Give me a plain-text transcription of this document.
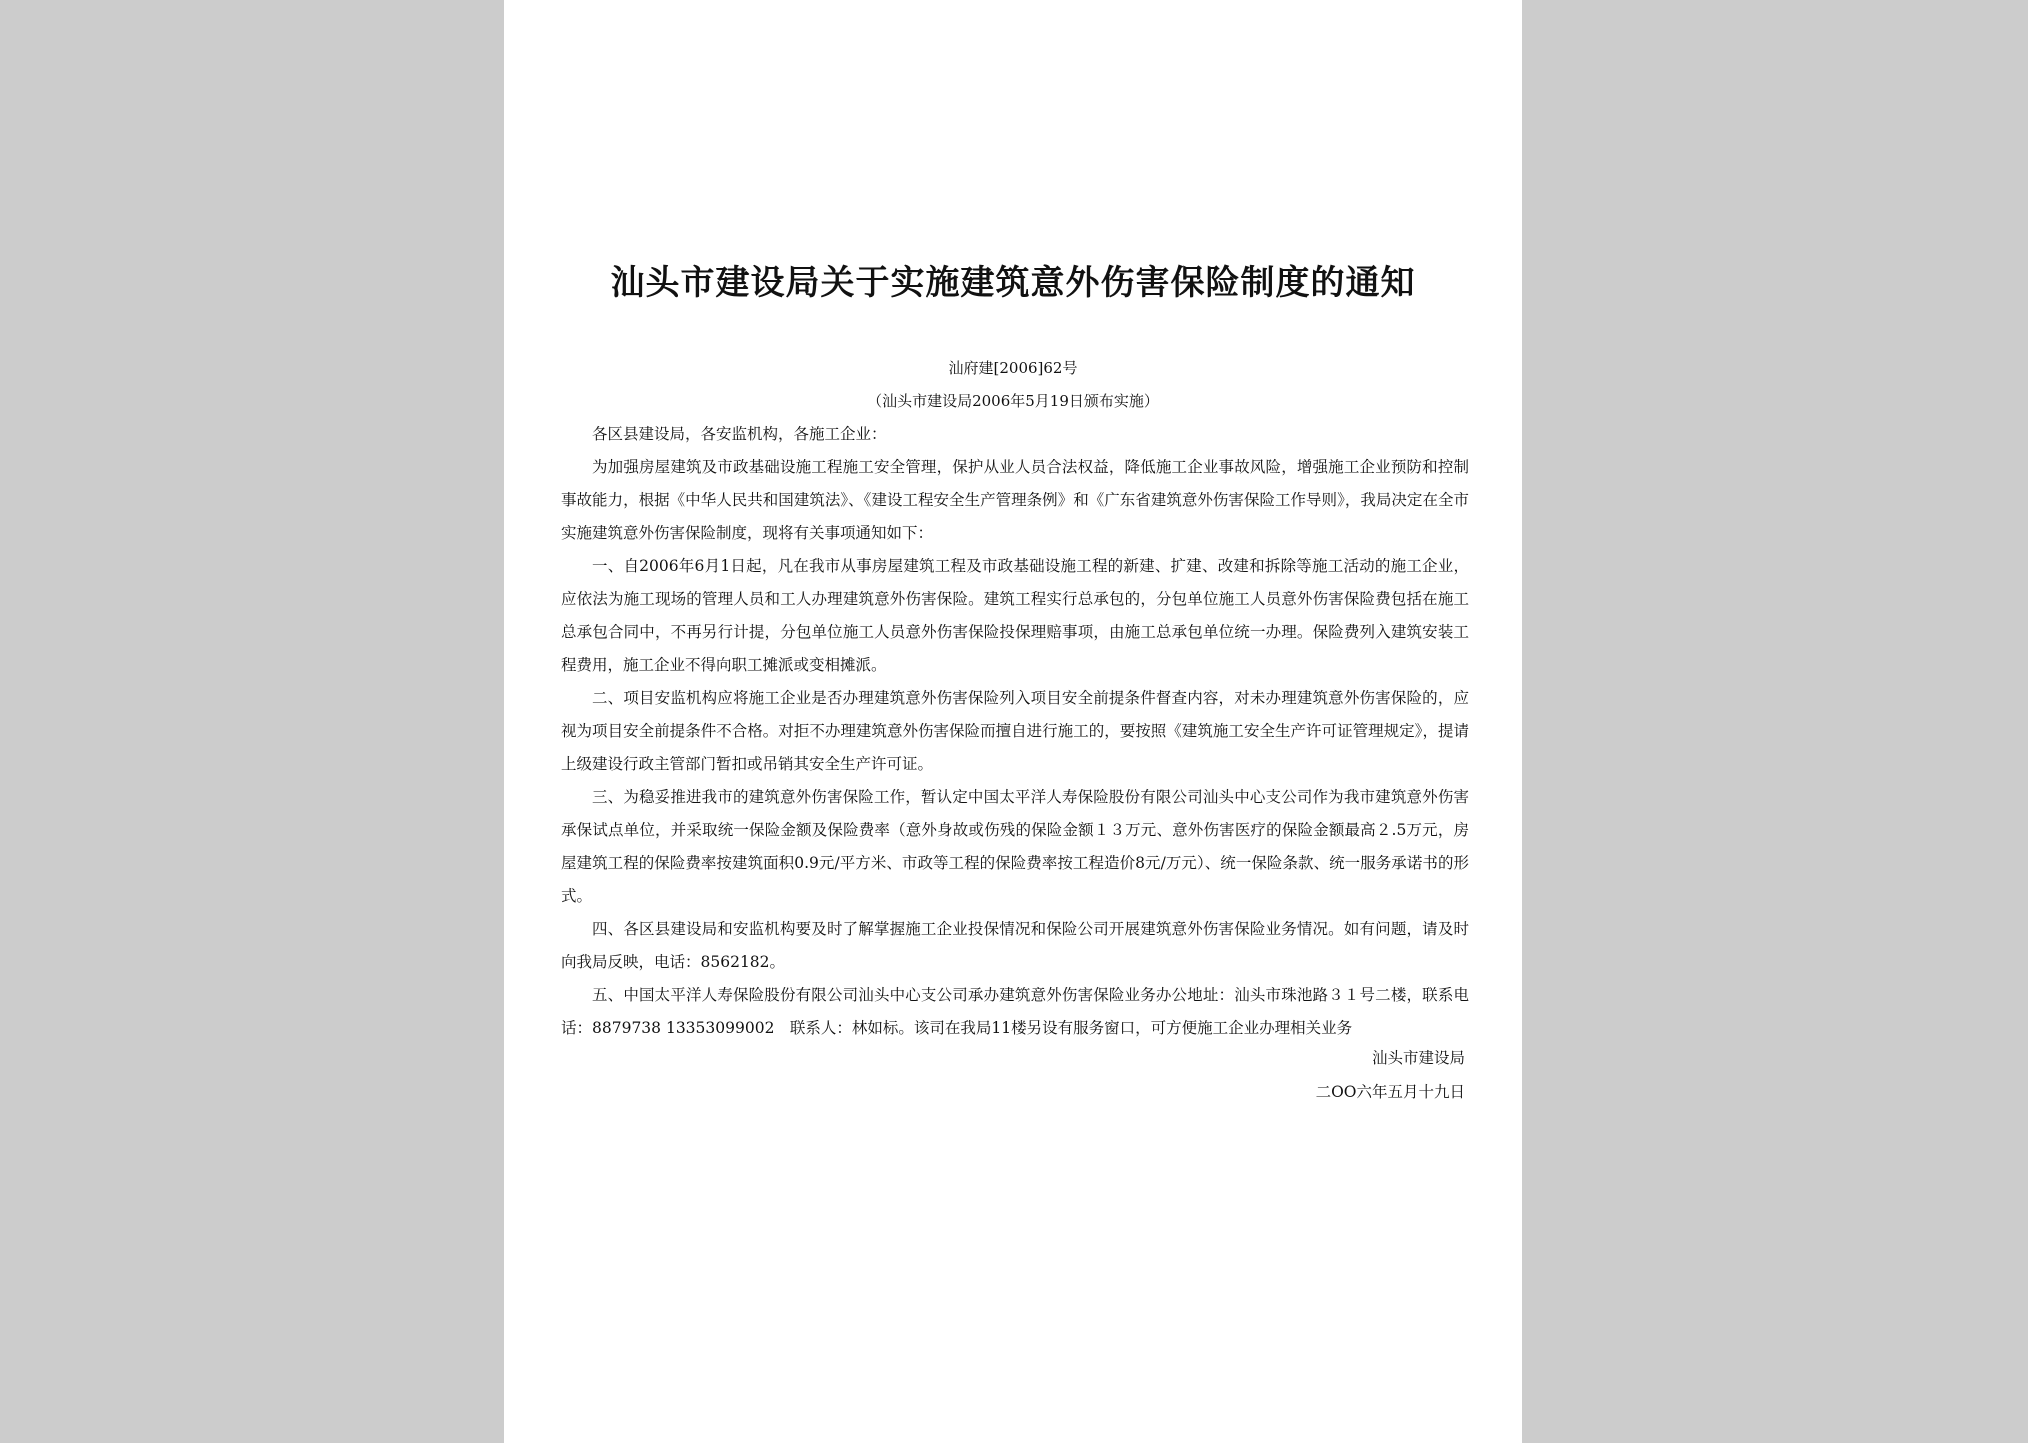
汕头市建设局关于实施建筑意外伤害保险制度的通知
汕府建[2006]62号
（汕头市建设局2006年5月19日颁布实施）

各区县建设局，各安监机构，各施工企业：

为加强房屋建筑及市政基础设施工程施工安全管理，保护从业人员合法权益，降低施工企业事故风险，增强施工企业预防和控制事故能力，根据《中华人民共和国建筑法》、《建设工程安全生产管理条例》和《广东省建筑意外伤害保险工作导则》，我局决定在全市实施建筑意外伤害保险制度，现将有关事项通知如下：

一、自2006年6月1日起，凡在我市从事房屋建筑工程及市政基础设施工程的新建、扩建、改建和拆除等施工活动的施工企业，应依法为施工现场的管理人员和工人办理建筑意外伤害保险。建筑工程实行总承包的，分包单位施工人员意外伤害保险费包括在施工总承包合同中，不再另行计提，分包单位施工人员意外伤害保险投保理赔事项，由施工总承包单位统一办理。保险费列入建筑安装工程费用，施工企业不得向职工摊派或变相摊派。

二、项目安监机构应将施工企业是否办理建筑意外伤害保险列入项目安全前提条件督查内容，对未办理建筑意外伤害保险的，应视为项目安全前提条件不合格。对拒不办理建筑意外伤害保险而擅自进行施工的，要按照《建筑施工安全生产许可证管理规定》，提请上级建设行政主管部门暂扣或吊销其安全生产许可证。

三、为稳妥推进我市的建筑意外伤害保险工作，暂认定中国太平洋人寿保险股份有限公司汕头中心支公司作为我市建筑意外伤害承保试点单位，并采取统一保险金额及保险费率（意外身故或伤残的保险金额１３万元、意外伤害医疗的保险金额最高２.5万元，房屋建筑工程的保险费率按建筑面积0.9元/平方米、市政等工程的保险费率按工程造价8元/万元）、统一保险条款、统一服务承诺书的形式。

四、各区县建设局和安监机构要及时了解掌握施工企业投保情况和保险公司开展建筑意外伤害保险业务情况。如有问题，请及时向我局反映，电话：8562182。

五、中国太平洋人寿保险股份有限公司汕头中心支公司承办建筑意外伤害保险业务办公地址：汕头市珠池路３１号二楼，联系电话：8879738 13353099002　联系人：林如标。该司在我局11楼另设有服务窗口，可方便施工企业办理相关业务

汕头市建设局
二OO六年五月十九日
